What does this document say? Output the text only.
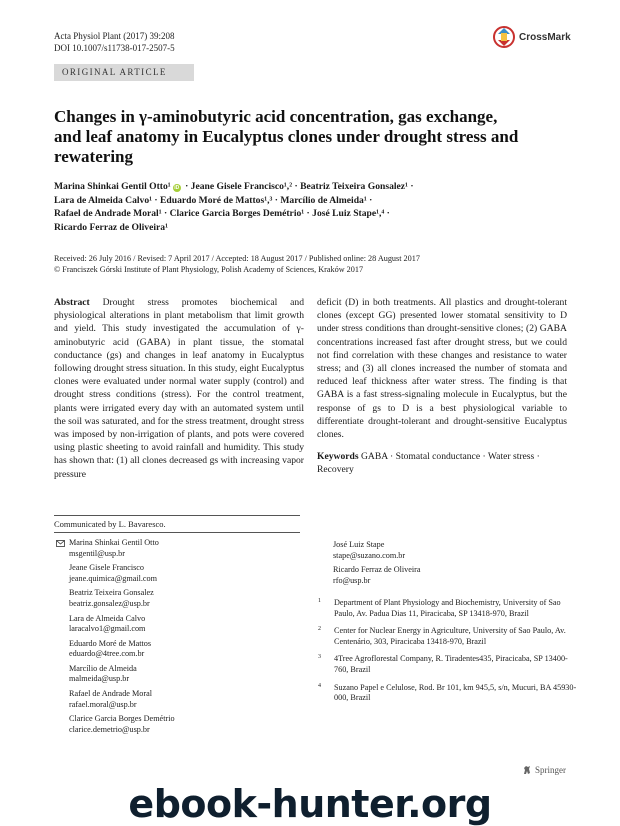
Acta Physiol Plant (2017) 39:208
DOI 10.1007/s11738-017-2507-5
CrossMark
ORIGINAL ARTICLE
Changes in γ-aminobutyric acid concentration, gas exchange, and leaf anatomy in Eucalyptus clones under drought stress and rewatering
Marina Shinkai Gentil Otto¹ iD · Jeane Gisele Francisco¹,² · Beatriz Teixeira Gonsalez¹ ·
Lara de Almeida Calvo¹ · Eduardo Moré de Mattos¹,³ · Marcílio de Almeida¹ ·
Rafael de Andrade Moral¹ · Clarice Garcia Borges Demétrio¹ · José Luiz Stape¹,⁴ ·
Ricardo Ferraz de Oliveira¹
Received: 26 July 2016 / Revised: 7 April 2017 / Accepted: 18 August 2017 / Published online: 28 August 2017
© Franciszek Górski Institute of Plant Physiology, Polish Academy of Sciences, Kraków 2017
Abstract Drought stress promotes biochemical and physiological alterations in plant metabolism that limit growth and yield. This study investigated the accumulation of γ-aminobutyric acid (GABA) in plant tissue, the stomatal conductance (gs) and changes in leaf anatomy in Eucalyptus following drought stress situation. In this study, eight Eucalyptus clones were evaluated under normal water supply (control) and drought stress conditions (stress). For the control treatment, plants were irrigated every day with an automated system until the soil was saturated, and for the stress treatment, drought stress was imposed by non-irrigation of plants, and pots were covered using plastic sheeting to avoid rainfall and humidity. This study has shown that: (1) all clones decreased gs with increasing vapor pressure
deficit (D) in both treatments. All plastics and drought-tolerant clones (except GG) presented lower stomatal sensitivity to D under stress conditions than drought-sensitive clones; (2) GABA concentrations increased fast after drought stress, but we could not find correlation with these changes and resistance to water stress; and (3) all clones increased the number of stomata and reduced leaf thickness after water stress. The finding is that GABA is a fast stress-signaling molecule in Eucalyptus, but the response of gs to D is a best physiological variable to differentiate drought-tolerant and drought-sensitive Eucalyptus clones.
Keywords GABA · Stomatal conductance · Water stress · Recovery
Communicated by L. Bavaresco.
Marina Shinkai Gentil Otto
msgentil@usp.br
Jeane Gisele Francisco
jeane.quimica@gmail.com
Beatriz Teixeira Gonsalez
beatriz.gonsalez@usp.br
Lara de Almeida Calvo
laracalvo1@gmail.com
Eduardo Moré de Mattos
eduardo@4tree.com.br
Marcílio de Almeida
malmeida@usp.br
Rafael de Andrade Moral
rafael.moral@usp.br
Clarice Garcia Borges Demétrio
clarice.demetrio@usp.br
José Luiz Stape
stape@suzano.com.br
Ricardo Ferraz de Oliveira
rfo@usp.br
1 Department of Plant Physiology and Biochemistry, University of Sao Paulo, Av. Padua Dias 11, Piracicaba, SP 13418-970, Brazil
2 Center for Nuclear Energy in Agriculture, University of Sao Paulo, Av. Centenário, 303, Piracicaba 13418-970, Brazil
3 4Tree Agroflorestal Company, R. Tiradentes435, Piracicaba, SP 13400-760, Brazil
4 Suzano Papel e Celulose, Rod. Br 101, km 945,5, s/n, Mucuri, BA 45930-000, Brazil
Springer
ebook-hunter.org
